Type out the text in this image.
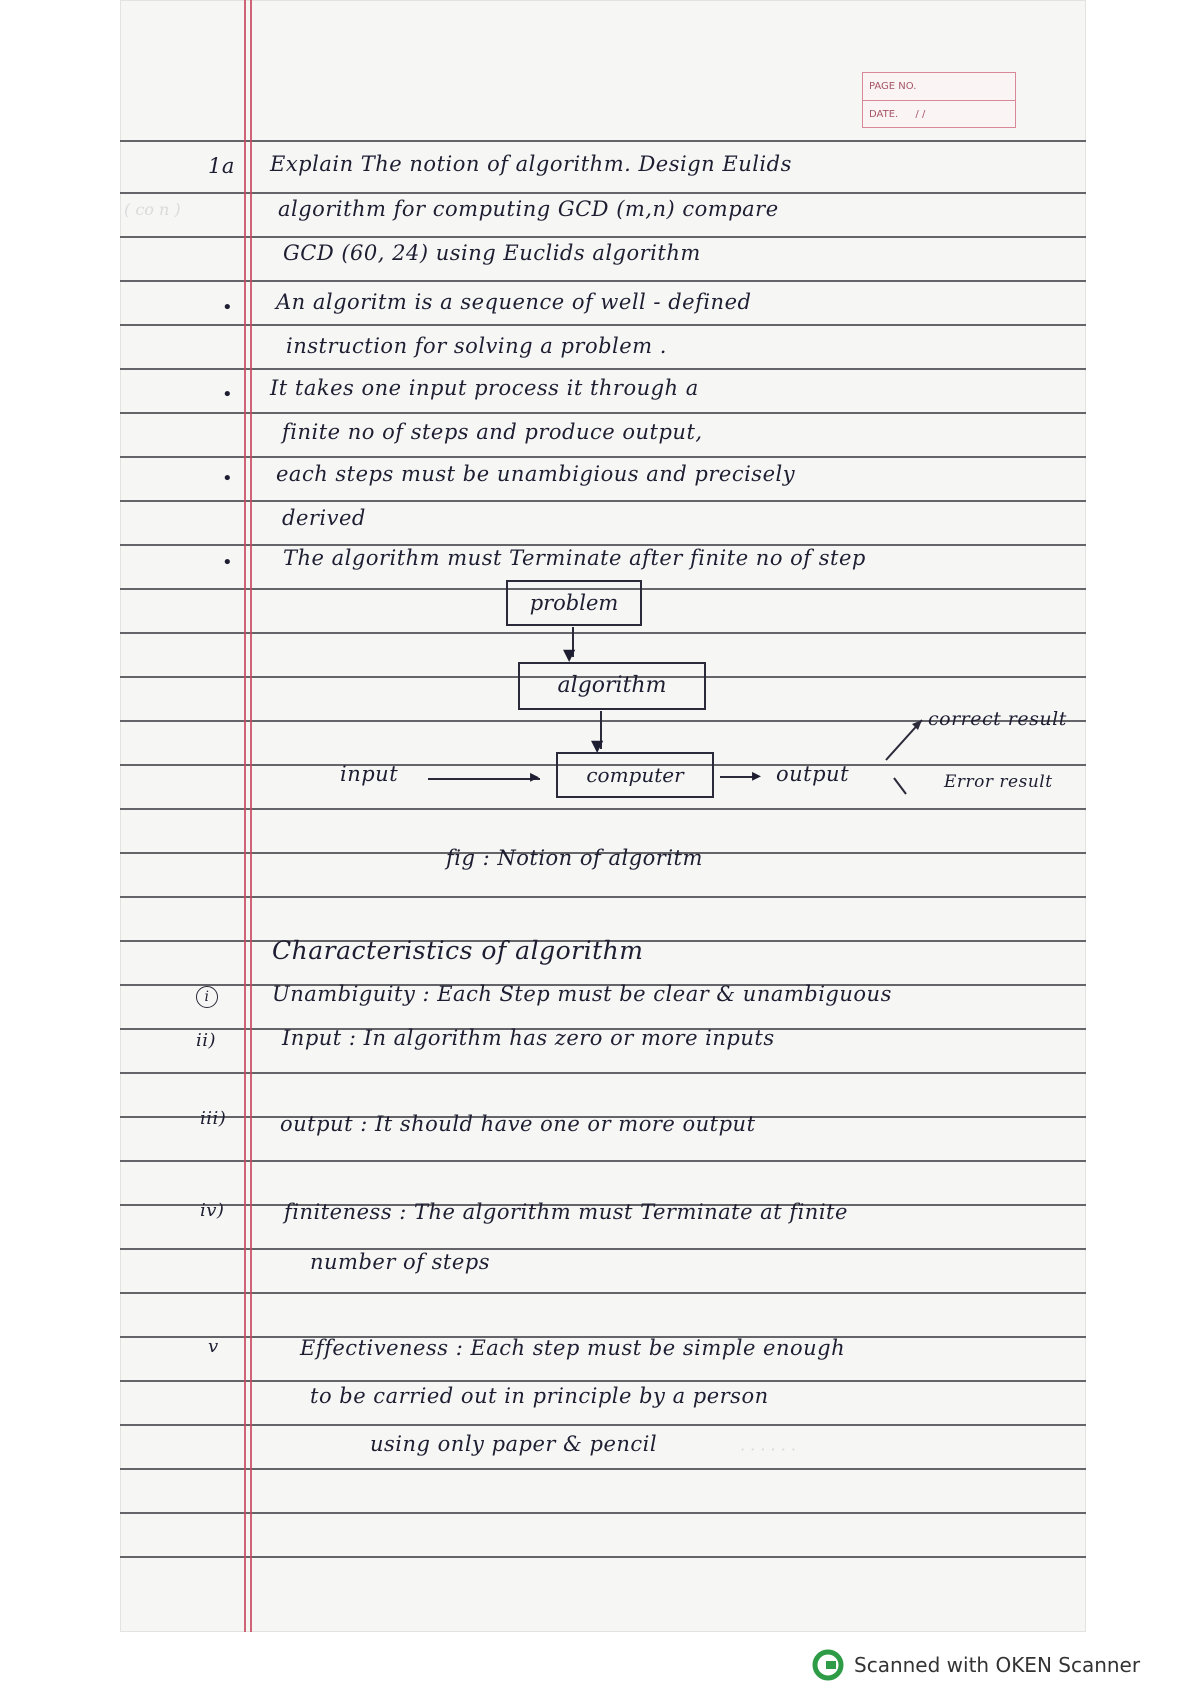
( co n )
· · · · · ·
PAGE NO.
DATE. / /
1a Explain The notion of algorithm. Design Eulids
algorithm for computing GCD (m,n) compare
GCD (60, 24) using Euclids algorithm
• An algoritm is a sequence of well - defined
instruction for solving a problem .
• It takes one input process it through a
finite no of steps and produce output,
• each steps must be unambigious and precisely
derived
• The algorithm must Terminate after finite no of step
problem
▼
algorithm
▼
input	▸	computer	▸ output
correct result
Error result
fig : Notion of algoritm
Characteristics of algorithm
i	Unambiguity : Each Step must be clear & unambiguous
ii)	Input : In algorithm has zero or more inputs
iii)	output : It should have one or more output
iv)	finiteness : The algorithm must Terminate at finite
number of steps
v	Effectiveness : Each step must be simple enough
to be carried out in principle by a person
using only paper & pencil
Scanned with OKEN Scanner
